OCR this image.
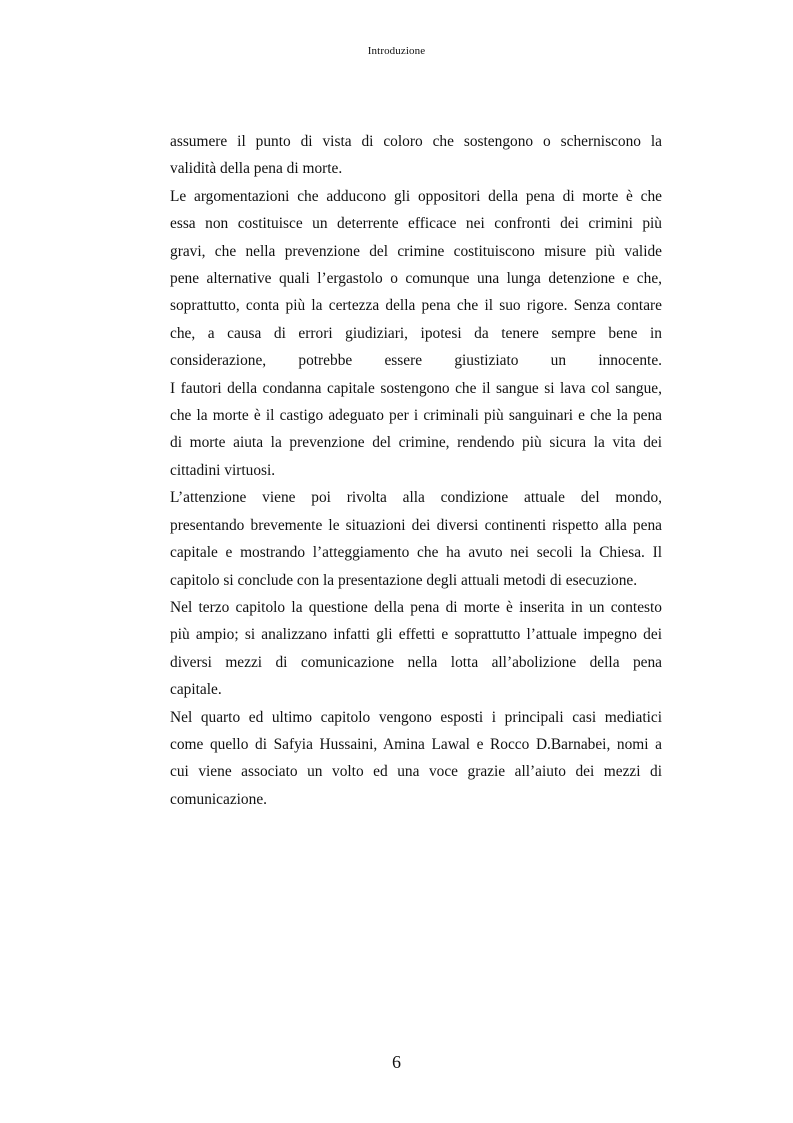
Introduzione

assumere il punto di vista di coloro che sostengono o scherniscono la
validità della pena di morte.

Le argomentazioni che adducono gli oppositori della pena di morte è che
essa non costituisce un deterrente efficace nei confronti dei crimini più
gravi, che nella prevenzione del crimine costituiscono misure più valide
pene alternative quali l’ergastolo o comunque una lunga detenzione e che,
soprattutto, conta più la certezza della pena che il suo rigore. Senza contare
che, a causa di errori giudiziari, ipotesi da tenere sempre bene in
considerazione, potrebbe essere giustiziato un innocente.

I fautori della condanna capitale sostengono che il sangue si lava col sangue,
che la morte è il castigo adeguato per i criminali più sanguinari e che la pena
di morte aiuta la prevenzione del crimine, rendendo più sicura la vita dei
cittadini virtuosi.

L’attenzione viene poi rivolta alla condizione attuale del mondo,
presentando brevemente le situazioni dei diversi continenti rispetto alla pena
capitale e mostrando l’atteggiamento che ha avuto nei secoli la Chiesa. Il
capitolo si conclude con la presentazione degli attuali metodi di esecuzione.

Nel terzo capitolo la questione della pena di morte è inserita in un contesto
più ampio; si analizzano infatti gli effetti e soprattutto l’attuale impegno dei
diversi mezzi di comunicazione nella lotta all’abolizione della pena
capitale.

Nel quarto ed ultimo capitolo vengono esposti i principali casi mediatici
come quello di Safyia Hussaini, Amina Lawal e Rocco D.Barnabei, nomi a
cui viene associato un volto ed una voce grazie all’aiuto dei mezzi di
comunicazione.

6
